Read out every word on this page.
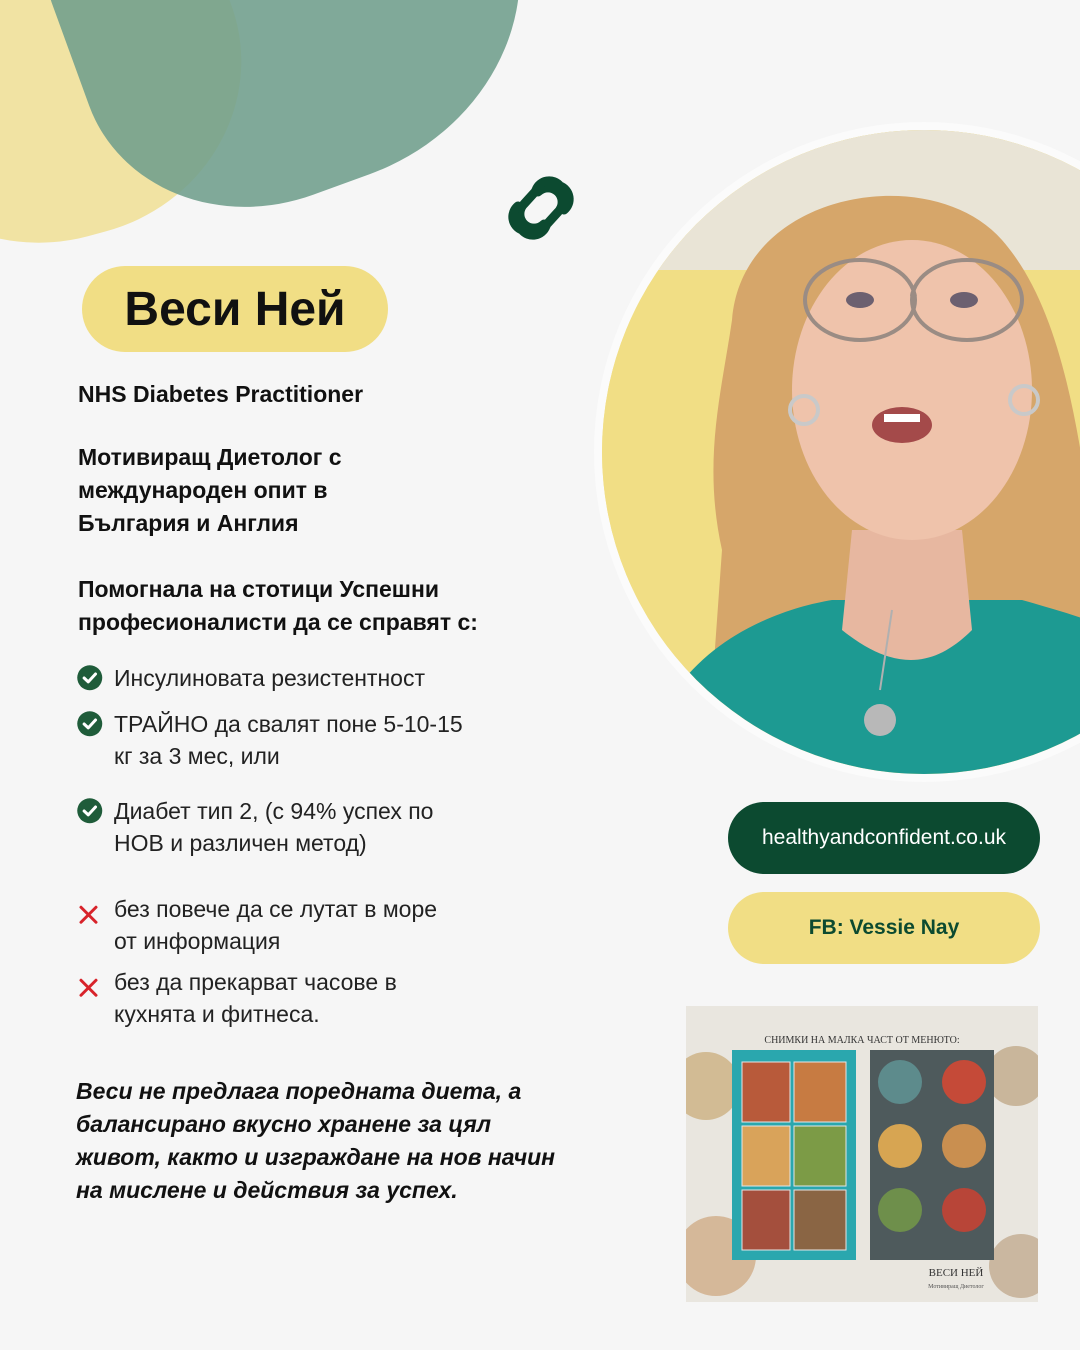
Веси Ней
NHS Diabetes Practitioner
Мотивиращ Диетолог с
международен опит в
България и Англия
Помогнала на стотици Успешни
професионалисти да се справят с:
Инсулиновата резистентност
ТРАЙНО да свалят поне 5-10-15
кг за 3 мес, или
Диабет тип 2, (с 94% успех по
НОВ и различен метод)
без повече да се лутат в море
от информация
без да прекарват часове в
кухнята и фитнеса.
Веси не предлага поредната диета, а
балансирано вкусно хранене за цял
живот, както и изграждане на нов начин
на мислене и действия за успех.
healthyandconfident.co.uk
FB: Vessie Nay
СНИМКИ НА МАЛКА ЧАСТ ОТ МЕНЮТО:
ВЕСИ НЕЙ
Мотивиращ Диетолог
